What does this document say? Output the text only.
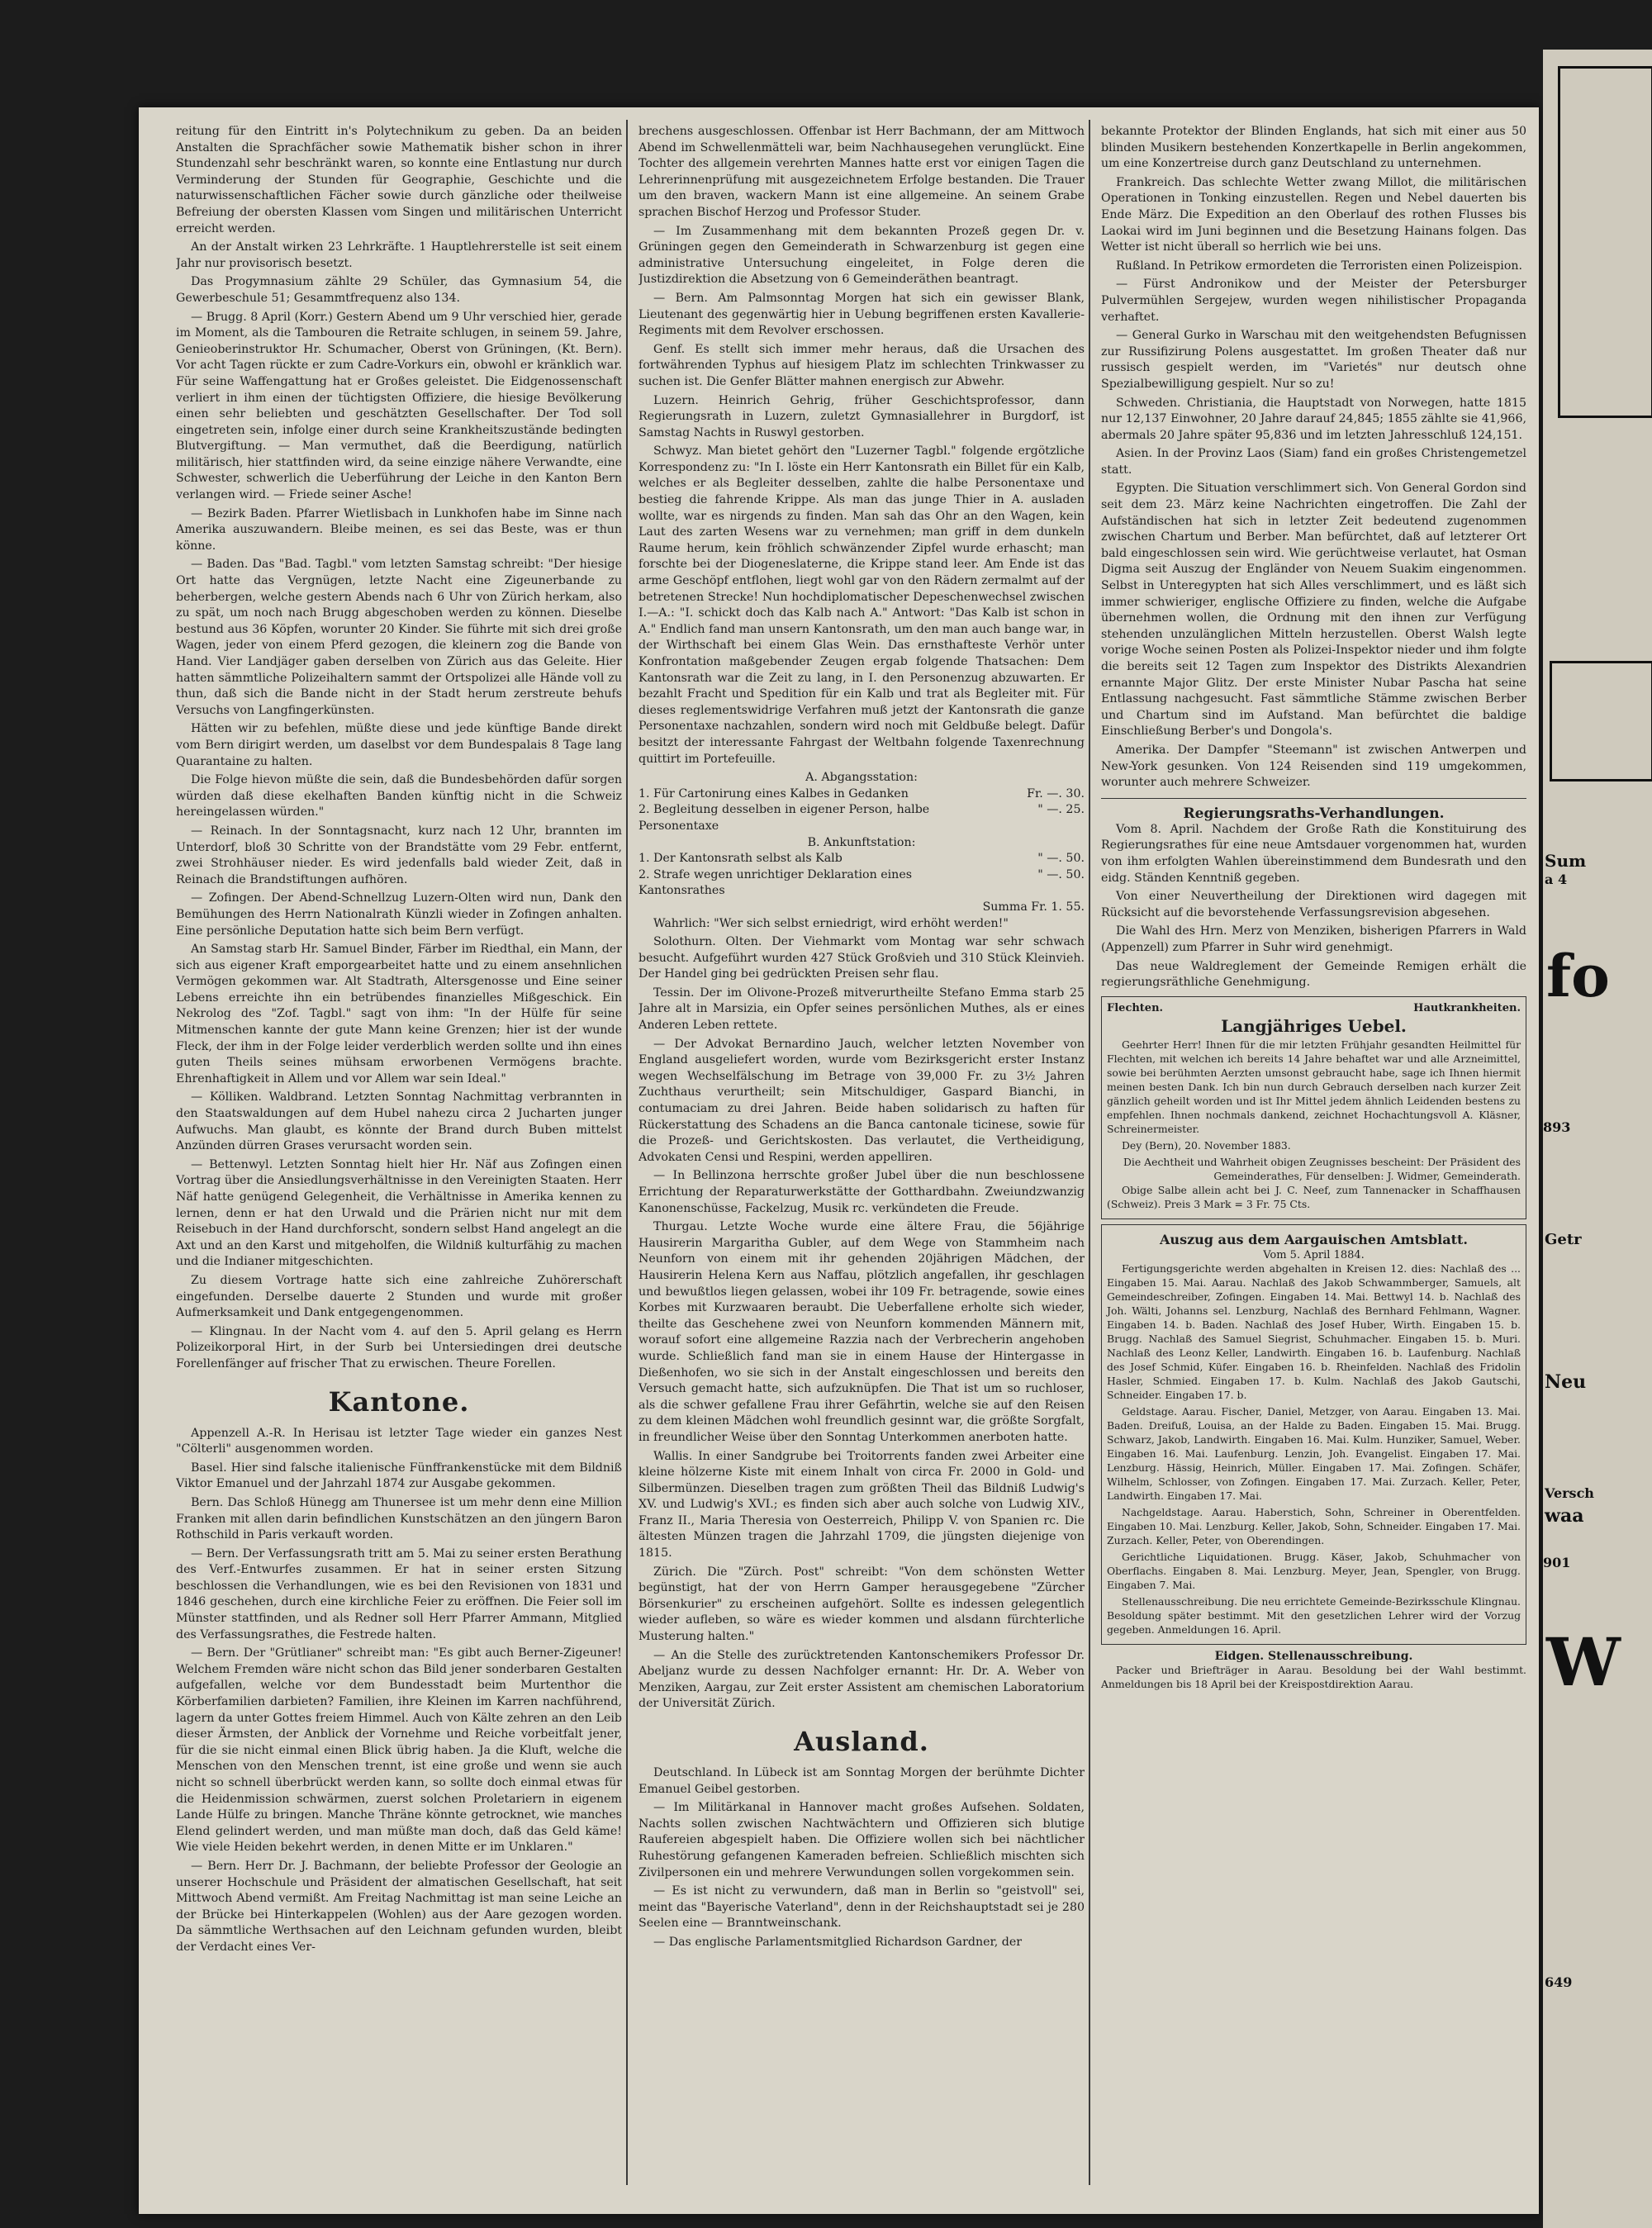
reitung für den Eintritt in's Polytechnikum zu geben. Da an beiden Anstalten die Sprachfächer sowie Mathematik bisher schon in ihrer Stundenzahl sehr beschränkt waren, so konnte eine Entlastung nur durch Verminderung der Stunden für Geographie, Geschichte und die naturwissenschaftlichen Fächer sowie durch gänzliche oder theilweise Befreiung der obersten Klassen vom Singen und militärischen Unterricht erreicht werden.

An der Anstalt wirken 23 Lehrkräfte. 1 Hauptlehrerstelle ist seit einem Jahr nur provisorisch besetzt.

Das Progymnasium zählte 29 Schüler, das Gymnasium 54, die Gewerbeschule 51; Gesammtfrequenz also 134.

— Brugg. 8 April (Korr.) Gestern Abend um 9 Uhr verschied hier, gerade im Moment, als die Tambouren die Retraite schlugen, in seinem 59. Jahre, Genieoberinstruktor Hr. Schumacher, Oberst von Grüningen, (Kt. Bern). Vor acht Tagen rückte er zum Cadre-Vorkurs ein, obwohl er kränklich war. Für seine Waffengattung hat er Großes geleistet. Die Eidgenossenschaft verliert in ihm einen der tüchtigsten Offiziere, die hiesige Bevölkerung einen sehr beliebten und geschätzten Gesellschafter. Der Tod soll eingetreten sein, infolge einer durch seine Krankheitszustände bedingten Blutvergiftung. — Man vermuthet, daß die Beerdigung, natürlich militärisch, hier stattfinden wird, da seine einzige nähere Verwandte, eine Schwester, schwerlich die Ueberführung der Leiche in den Kanton Bern verlangen wird. — Friede seiner Asche!

— Bezirk Baden. Pfarrer Wietlisbach in Lunkhofen habe im Sinne nach Amerika auszuwandern. Bleibe meinen, es sei das Beste, was er thun könne.

— Baden. Das "Bad. Tagbl." vom letzten Samstag schreibt: "Der hiesige Ort hatte das Vergnügen, letzte Nacht eine Zigeunerbande zu beherbergen, welche gestern Abends nach 6 Uhr von Zürich herkam, also zu spät, um noch nach Brugg abgeschoben werden zu können. Dieselbe bestund aus 36 Köpfen, worunter 20 Kinder. Sie führte mit sich drei große Wagen, jeder von einem Pferd gezogen, die kleinern zog die Bande von Hand. Vier Landjäger gaben derselben von Zürich aus das Geleite. Hier hatten sämmtliche Polizeihaltern sammt der Ortspolizei alle Hände voll zu thun, daß sich die Bande nicht in der Stadt herum zerstreute behufs Versuchs von Langfingerkünsten.

Hätten wir zu befehlen, müßte diese und jede künftige Bande direkt vom Bern dirigirt werden, um daselbst vor dem Bundespalais 8 Tage lang Quarantaine zu halten.

Die Folge hievon müßte die sein, daß die Bundesbehörden dafür sorgen würden daß diese ekelhaften Banden künftig nicht in die Schweiz hereingelassen würden."

— Reinach. In der Sonntagsnacht, kurz nach 12 Uhr, brannten im Unterdorf, bloß 30 Schritte von der Brandstätte vom 29 Febr. entfernt, zwei Strohhäuser nieder. Es wird jedenfalls bald wieder Zeit, daß in Reinach die Brandstiftungen aufhören.

— Zofingen. Der Abend-Schnellzug Luzern-Olten wird nun, Dank den Bemühungen des Herrn Nationalrath Künzli wieder in Zofingen anhalten. Eine persönliche Deputation hatte sich beim Bern verfügt.

An Samstag starb Hr. Samuel Binder, Färber im Riedthal, ein Mann, der sich aus eigener Kraft emporgearbeitet hatte und zu einem ansehnlichen Vermögen gekommen war. Alt Stadtrath, Altersgenosse und Eine seiner Lebens erreichte ihn ein betrübendes finanzielles Mißgeschick. Ein Nekrolog des "Zof. Tagbl." sagt von ihm: "In der Hülfe für seine Mitmenschen kannte der gute Mann keine Grenzen; hier ist der wunde Fleck, der ihm in der Folge leider verderblich werden sollte und ihn eines guten Theils seines mühsam erworbenen Vermögens brachte. Ehrenhaftigkeit in Allem und vor Allem war sein Ideal."

— Kölliken. Waldbrand. Letzten Sonntag Nachmittag verbrannten in den Staatswaldungen auf dem Hubel nahezu circa 2 Jucharten junger Aufwuchs. Man glaubt, es könnte der Brand durch Buben mittelst Anzünden dürren Grases verursacht worden sein.

— Bettenwyl. Letzten Sonntag hielt hier Hr. Näf aus Zofingen einen Vortrag über die Ansiedlungsverhältnisse in den Vereinigten Staaten. Herr Näf hatte genügend Gelegenheit, die Verhältnisse in Amerika kennen zu lernen, denn er hat den Urwald und die Prärien nicht nur mit dem Reisebuch in der Hand durchforscht, sondern selbst Hand angelegt an die Axt und an den Karst und mitgeholfen, die Wildniß kulturfähig zu machen und die Indianer mitgeschichten.

Zu diesem Vortrage hatte sich eine zahlreiche Zuhörerschaft eingefunden. Derselbe dauerte 2 Stunden und wurde mit großer Aufmerksamkeit und Dank entgegengenommen.

— Klingnau. In der Nacht vom 4. auf den 5. April gelang es Herrn Polizeikorporal Hirt, in der Surb bei Untersiedingen drei deutsche Forellenfänger auf frischer That zu erwischen. Theure Forellen.

Kantone.

Appenzell A.-R. In Herisau ist letzter Tage wieder ein ganzes Nest "Cölterli" ausgenommen worden.

Basel. Hier sind falsche italienische Fünffrankenstücke mit dem Bildniß Viktor Emanuel und der Jahrzahl 1874 zur Ausgabe gekommen.

Bern. Das Schloß Hünegg am Thunersee ist um mehr denn eine Million Franken mit allen darin befindlichen Kunstschätzen an den jüngern Baron Rothschild in Paris verkauft worden.

— Bern. Der Verfassungsrath tritt am 5. Mai zu seiner ersten Berathung des Verf.-Entwurfes zusammen. Er hat in seiner ersten Sitzung beschlossen die Verhandlungen, wie es bei den Revisionen von 1831 und 1846 geschehen, durch eine kirchliche Feier zu eröffnen. Die Feier soll im Münster stattfinden, und als Redner soll Herr Pfarrer Ammann, Mitglied des Verfassungsrathes, die Festrede halten.

— Bern. Der "Grütlianer" schreibt man: "Es gibt auch Berner-Zigeuner! Welchem Fremden wäre nicht schon das Bild jener sonderbaren Gestalten aufgefallen, welche vor dem Bundesstadt beim Murtenthor die Körberfamilien darbieten? Familien, ihre Kleinen im Karren nachführend, lagern da unter Gottes freiem Himmel. Auch von Kälte zehren an den Leib dieser Ärmsten, der Anblick der Vornehme und Reiche vorbeitfalt jener, für die sie nicht einmal einen Blick übrig haben. Ja die Kluft, welche die Menschen von den Menschen trennt, ist eine große und wenn sie auch nicht so schnell überbrückt werden kann, so sollte doch einmal etwas für die Heidenmission schwärmen, zuerst solchen Proletariern in eigenem Lande Hülfe zu bringen. Manche Thräne könnte getrocknet, wie manches Elend gelindert werden, und man müßte man doch, daß das Geld käme! Wie viele Heiden bekehrt werden, in denen Mitte er im Unklaren."

— Bern. Herr Dr. J. Bachmann, der beliebte Professor der Geologie an unserer Hochschule und Präsident der almatischen Gesellschaft, hat seit Mittwoch Abend vermißt. Am Freitag Nachmittag ist man seine Leiche an der Brücke bei Hinterkappelen (Wohlen) aus der Aare gezogen worden. Da sämmtliche Werthsachen auf den Leichnam gefunden wurden, bleibt der Verdacht eines Ver-

brechens ausgeschlossen. Offenbar ist Herr Bachmann, der am Mittwoch Abend im Schwellenmätteli war, beim Nachhausegehen verunglückt. Eine Tochter des allgemein verehrten Mannes hatte erst vor einigen Tagen die Lehrerinnenprüfung mit ausgezeichnetem Erfolge bestanden. Die Trauer um den braven, wackern Mann ist eine allgemeine. An seinem Grabe sprachen Bischof Herzog und Professor Studer.

— Im Zusammenhang mit dem bekannten Prozeß gegen Dr. v. Grüningen gegen den Gemeinderath in Schwarzenburg ist gegen eine administrative Untersuchung eingeleitet, in Folge deren die Justizdirektion die Absetzung von 6 Gemeinderäthen beantragt.

— Bern. Am Palmsonntag Morgen hat sich ein gewisser Blank, Lieutenant des gegenwärtig hier in Uebung begriffenen ersten Kavallerie-Regiments mit dem Revolver erschossen.

Genf. Es stellt sich immer mehr heraus, daß die Ursachen des fortwährenden Typhus auf hiesigem Platz im schlechten Trinkwasser zu suchen ist. Die Genfer Blätter mahnen energisch zur Abwehr.

Luzern. Heinrich Gehrig, früher Geschichtsprofessor, dann Regierungsrath in Luzern, zuletzt Gymnasiallehrer in Burgdorf, ist Samstag Nachts in Ruswyl gestorben.

Schwyz. Man bietet gehört den "Luzerner Tagbl." folgende ergötzliche Korrespondenz zu: "In I. löste ein Herr Kantonsrath ein Billet für ein Kalb, welches er als Begleiter desselben, zahlte die halbe Personentaxe und bestieg die fahrende Krippe. Als man das junge Thier in A. ausladen wollte, war es nirgends zu finden. Man sah das Ohr an den Wagen, kein Laut des zarten Wesens war zu vernehmen; man griff in dem dunkeln Raume herum, kein fröhlich schwänzender Zipfel wurde erhascht; man forschte bei der Diogeneslaterne, die Krippe stand leer. Am Ende ist das arme Geschöpf entflohen, liegt wohl gar von den Rädern zermalmt auf der betretenen Strecke! Nun hochdiplomatischer Depeschenwechsel zwischen I.—A.: "I. schickt doch das Kalb nach A." Antwort: "Das Kalb ist schon in A." Endlich fand man unsern Kantonsrath, um den man auch bange war, in der Wirthschaft bei einem Glas Wein. Das ernsthafteste Verhör unter Konfrontation maßgebender Zeugen ergab folgende Thatsachen: Dem Kantonsrath war die Zeit zu lang, in I. den Personenzug abzuwarten. Er bezahlt Fracht und Spedition für ein Kalb und trat als Begleiter mit. Für dieses reglementswidrige Verfahren muß jetzt der Kantonsrath die ganze Personentaxe nachzahlen, sondern wird noch mit Geldbuße belegt. Dafür besitzt der interessante Fahrgast der Weltbahn folgende Taxenrechnung quittirt im Portefeuille.

A. Abgangsstation:
1. Für Cartonirung eines Kalbes in Gedanken	Fr. —. 30.
2. Begleitung desselben in eigener Person, halbe Personentaxe
" —. 25.
B. Ankunftstation:
1. Der Kantonsrath selbst als Kalb	" —. 50.
2. Strafe wegen unrichtiger Deklaration eines Kantonsrathes
" —. 50.
Summa Fr. 1. 55.

Wahrlich: "Wer sich selbst erniedrigt, wird erhöht werden!"

Solothurn. Olten. Der Viehmarkt vom Montag war sehr schwach besucht. Aufgeführt wurden 427 Stück Großvieh und 310 Stück Kleinvieh. Der Handel ging bei gedrückten Preisen sehr flau.

Tessin. Der im Olivone-Prozeß mitverurtheilte Stefano Emma starb 25 Jahre alt in Marsizia, ein Opfer seines persönlichen Muthes, als er eines Anderen Leben rettete.

— Der Advokat Bernardino Jauch, welcher letzten November von England ausgeliefert worden, wurde vom Bezirksgericht erster Instanz wegen Wechselfälschung im Betrage von 39,000 Fr. zu 3½ Jahren Zuchthaus verurtheilt; sein Mitschuldiger, Gaspard Bianchi, in contumaciam zu drei Jahren. Beide haben solidarisch zu haften für Rückerstattung des Schadens an die Banca cantonale ticinese, sowie für die Prozeß- und Gerichtskosten. Das verlautet, die Vertheidigung, Advokaten Censi und Respini, werden appelliren.

— In Bellinzona herrschte großer Jubel über die nun beschlossene Errichtung der Reparaturwerkstätte der Gotthardbahn. Zweiundzwanzig Kanonenschüsse, Fackelzug, Musik rc. verkündeten die Freude.

Thurgau. Letzte Woche wurde eine ältere Frau, die 56jährige Hausirerin Margaritha Gubler, auf dem Wege von Stammheim nach Neunforn von einem mit ihr gehenden 20jährigen Mädchen, der Hausirerin Helena Kern aus Naffau, plötzlich angefallen, ihr geschlagen und bewußtlos liegen gelassen, wobei ihr 109 Fr. betragende, sowie eines Korbes mit Kurzwaaren beraubt. Die Ueberfallene erholte sich wieder, theilte das Geschehene zwei von Neunforn kommenden Männern mit, worauf sofort eine allgemeine Razzia nach der Verbrecherin angehoben wurde. Schließlich fand man sie in einem Hause der Hintergasse in Dießenhofen, wo sie sich in der Anstalt eingeschlossen und bereits den Versuch gemacht hatte, sich aufzuknüpfen. Die That ist um so ruchloser, als die schwer gefallene Frau ihrer Gefährtin, welche sie auf den Reisen zu dem kleinen Mädchen wohl freundlich gesinnt war, die größte Sorgfalt, in freundlicher Weise über den Sonntag Unterkommen anerboten hatte.

Wallis. In einer Sandgrube bei Troitorrents fanden zwei Arbeiter eine kleine hölzerne Kiste mit einem Inhalt von circa Fr. 2000 in Gold- und Silbermünzen. Dieselben tragen zum größten Theil das Bildniß Ludwig's XV. und Ludwig's XVI.; es finden sich aber auch solche von Ludwig XIV., Franz II., Maria Theresia von Oesterreich, Philipp V. von Spanien rc. Die ältesten Münzen tragen die Jahrzahl 1709, die jüngsten diejenige von 1815.

Zürich. Die "Zürch. Post" schreibt: "Von dem schönsten Wetter begünstigt, hat der von Herrn Gamper herausgegebene "Zürcher Börsenkurier" zu erscheinen aufgehört. Sollte es indessen gelegentlich wieder aufleben, so wäre es wieder kommen und alsdann fürchterliche Musterung halten."

— An die Stelle des zurücktretenden Kantonschemikers Professor Dr. Abeljanz wurde zu dessen Nachfolger ernannt: Hr. Dr. A. Weber von Menziken, Aargau, zur Zeit erster Assistent am chemischen Laboratorium der Universität Zürich.

Ausland.

Deutschland. In Lübeck ist am Sonntag Morgen der berühmte Dichter Emanuel Geibel gestorben.

— Im Militärkanal in Hannover macht großes Aufsehen. Soldaten, Nachts sollen zwischen Nachtwächtern und Offizieren sich blutige Raufereien abgespielt haben. Die Offiziere wollen sich bei nächtlicher Ruhestörung gefangenen Kameraden befreien. Schließlich mischten sich Zivilpersonen ein und mehrere Verwundungen sollen vorgekommen sein.

— Es ist nicht zu verwundern, daß man in Berlin so "geistvoll" sei, meint das "Bayerische Vaterland", denn in der Reichshauptstadt sei je 280 Seelen eine — Branntweinschank.

— Das englische Parlamentsmitglied Richardson Gardner, der

bekannte Protektor der Blinden Englands, hat sich mit einer aus 50 blinden Musikern bestehenden Konzertkapelle in Berlin angekommen, um eine Konzertreise durch ganz Deutschland zu unternehmen.

Frankreich. Das schlechte Wetter zwang Millot, die militärischen Operationen in Tonking einzustellen. Regen und Nebel dauerten bis Ende März. Die Expedition an den Oberlauf des rothen Flusses bis Laokai wird im Juni beginnen und die Besetzung Hainans folgen. Das Wetter ist nicht überall so herrlich wie bei uns.

Rußland. In Petrikow ermordeten die Terroristen einen Polizeispion.

— Fürst Andronikow und der Meister der Petersburger Pulvermühlen Sergejew, wurden wegen nihilistischer Propaganda verhaftet.

— General Gurko in Warschau mit den weitgehendsten Befugnissen zur Russifizirung Polens ausgestattet. Im großen Theater daß nur russisch gespielt werden, im "Varietés" nur deutsch ohne Spezialbewilligung gespielt. Nur so zu!

Schweden. Christiania, die Hauptstadt von Norwegen, hatte 1815 nur 12,137 Einwohner, 20 Jahre darauf 24,845; 1855 zählte sie 41,966, abermals 20 Jahre später 95,836 und im letzten Jahresschluß 124,151.

Asien. In der Provinz Laos (Siam) fand ein großes Christengemetzel statt.

Egypten. Die Situation verschlimmert sich. Von General Gordon sind seit dem 23. März keine Nachrichten eingetroffen. Die Zahl der Aufständischen hat sich in letzter Zeit bedeutend zugenommen zwischen Chartum und Berber. Man befürchtet, daß auf letzterer Ort bald eingeschlossen sein wird. Wie gerüchtweise verlautet, hat Osman Digma seit Auszug der Engländer von Neuem Suakim eingenommen. Selbst in Unteregypten hat sich Alles verschlimmert, und es läßt sich immer schwieriger, englische Offiziere zu finden, welche die Aufgabe übernehmen wollen, die Ordnung mit den ihnen zur Verfügung stehenden unzulänglichen Mitteln herzustellen. Oberst Walsh legte vorige Woche seinen Posten als Polizei-Inspektor nieder und ihm folgte die bereits seit 12 Tagen zum Inspektor des Distrikts Alexandrien ernannte Major Glitz. Der erste Minister Nubar Pascha hat seine Entlassung nachgesucht. Fast sämmtliche Stämme zwischen Berber und Chartum sind im Aufstand. Man befürchtet die baldige Einschließung Berber's und Dongola's.

Amerika. Der Dampfer "Steemann" ist zwischen Antwerpen und New-York gesunken. Von 124 Reisenden sind 119 umgekommen, worunter auch mehrere Schweizer.

Regierungsraths-Verhandlungen.

Vom 8. April. Nachdem der Große Rath die Konstituirung des Regierungsrathes für eine neue Amtsdauer vorgenommen hat, wurden von ihm erfolgten Wahlen übereinstimmend dem Bundesrath und den eidg. Ständen Kenntniß gegeben.

Von einer Neuvertheilung der Direktionen wird dagegen mit Rücksicht auf die bevorstehende Verfassungsrevision abgesehen.

Die Wahl des Hrn. Merz von Menziken, bisherigen Pfarrers in Wald (Appenzell) zum Pfarrer in Suhr wird genehmigt.

Das neue Waldreglement der Gemeinde Remigen erhält die regierungsräthliche Genehmigung.

Flechten.	Hautkrankheiten.
Langjähriges Uebel.

Geehrter Herr! Ihnen für die mir letzten Frühjahr gesandten Heilmittel für Flechten, mit welchen ich bereits 14 Jahre behaftet war und alle Arzneimittel, sowie bei berühmten Aerzten umsonst gebraucht habe, sage ich Ihnen hiermit meinen besten Dank. Ich bin nun durch Gebrauch derselben nach kurzer Zeit gänzlich geheilt worden und ist Ihr Mittel jedem ähnlich Leidenden bestens zu empfehlen. Ihnen nochmals dankend, zeichnet Hochachtungsvoll A. Kläsner, Schreinermeister.

Dey (Bern), 20. November 1883.

Die Aechtheit und Wahrheit obigen Zeugnisses bescheint: Der Präsident des Gemeinderathes, Für denselben: J. Widmer, Gemeinderath.

Obige Salbe allein acht bei J. C. Neef, zum Tannenacker in Schaffhausen (Schweiz). Preis 3 Mark = 3 Fr. 75 Cts.

Auszug aus dem Aargauischen Amtsblatt.
Vom 5. April 1884.

Fertigungsgerichte werden abgehalten in Kreisen 12. dies: Nachlaß des ... Eingaben 15. Mai. Aarau. Nachlaß des Jakob Schwammberger, Samuels, alt Gemeindeschreiber, Zofingen. Eingaben 14. Mai. Bettwyl 14. b. Nachlaß des Joh. Wälti, Johanns sel. Lenzburg, Nachlaß des Bernhard Fehlmann, Wagner. Eingaben 14. b. Baden. Nachlaß des Josef Huber, Wirth. Eingaben 15. b. Brugg. Nachlaß des Samuel Siegrist, Schuhmacher. Eingaben 15. b. Muri. Nachlaß des Leonz Keller, Landwirth. Eingaben 16. b. Laufenburg. Nachlaß des Josef Schmid, Küfer. Eingaben 16. b. Rheinfelden. Nachlaß des Fridolin Hasler, Schmied. Eingaben 17. b. Kulm. Nachlaß des Jakob Gautschi, Schneider. Eingaben 17. b.

Geldstage. Aarau. Fischer, Daniel, Metzger, von Aarau. Eingaben 13. Mai. Baden. Dreifuß, Louisa, an der Halde zu Baden. Eingaben 15. Mai. Brugg. Schwarz, Jakob, Landwirth. Eingaben 16. Mai. Kulm. Hunziker, Samuel, Weber. Eingaben 16. Mai. Laufenburg. Lenzin, Joh. Evangelist. Eingaben 17. Mai. Lenzburg. Hässig, Heinrich, Müller. Eingaben 17. Mai. Zofingen. Schäfer, Wilhelm, Schlosser, von Zofingen. Eingaben 17. Mai. Zurzach. Keller, Peter, Landwirth. Eingaben 17. Mai.

Nachgeldstage. Aarau. Haberstich, Sohn, Schreiner in Oberentfelden. Eingaben 10. Mai. Lenzburg. Keller, Jakob, Sohn, Schneider. Eingaben 17. Mai. Zurzach. Keller, Peter, von Oberendingen.

Gerichtliche Liquidationen. Brugg. Käser, Jakob, Schuhmacher von Oberflachs. Eingaben 8. Mai. Lenzburg. Meyer, Jean, Spengler, von Brugg. Eingaben 7. Mai.

Stellenausschreibung. Die neu errichtete Gemeinde-Bezirksschule Klingnau. Besoldung später bestimmt. Mit den gesetzlichen Lehrer wird der Vorzug gegeben. Anmeldungen 16. April.

Eidgen. Stellenausschreibung.

Packer und Briefträger in Aarau. Besoldung bei der Wahl bestimmt. Anmeldungen bis 18 April bei der Kreispostdirektion Aarau.

Sum
a 4
fo
893
Getr
Neu
Versch
waa
901
W
649
